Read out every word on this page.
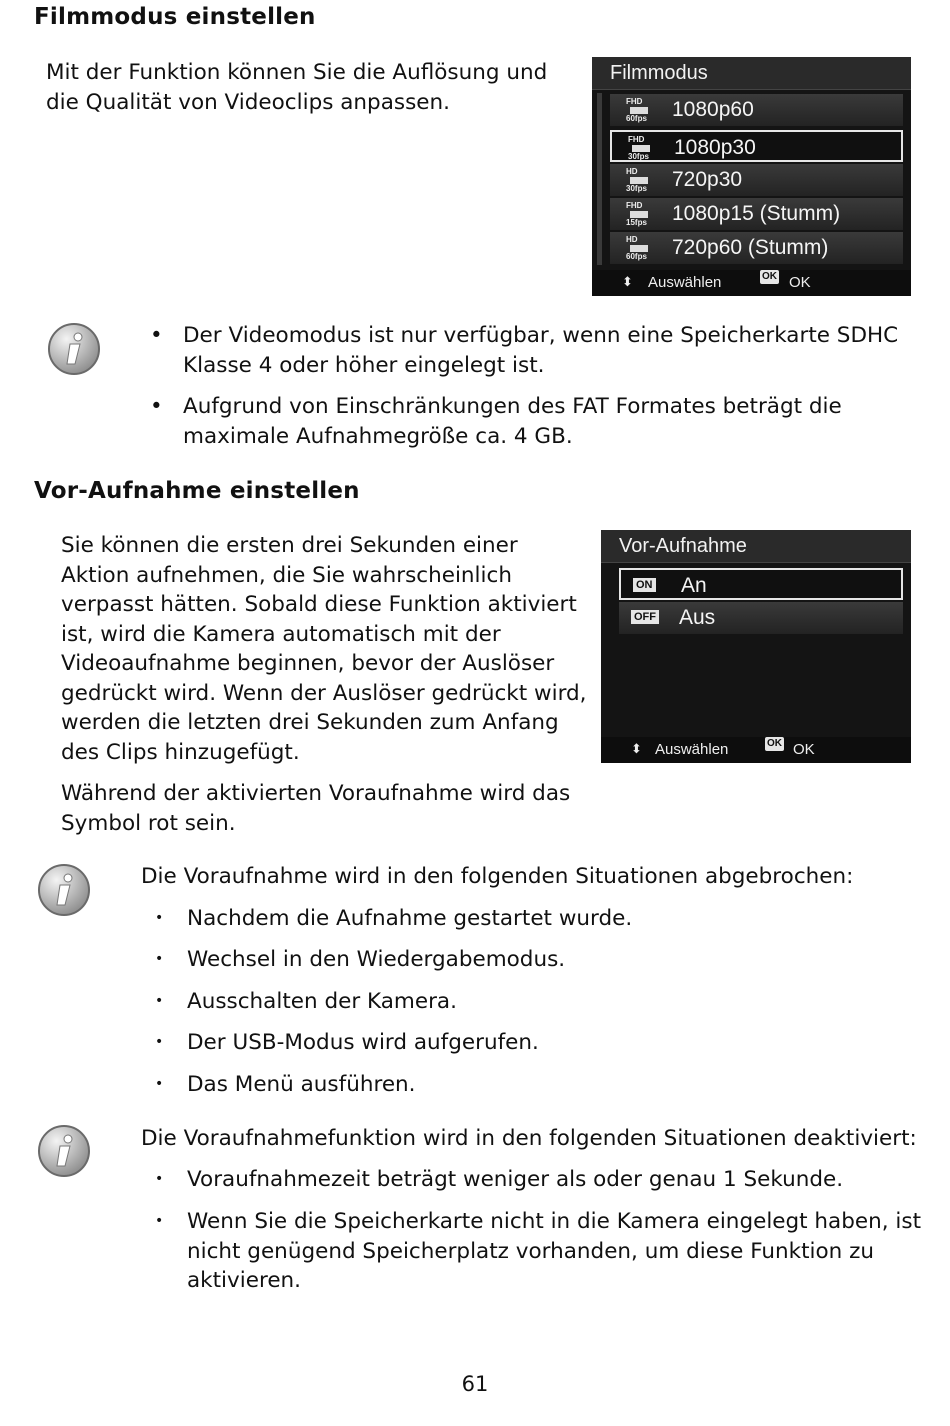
Filmmodus einstellen
Mit der Funktion können Sie die Auflösung und
die Qualität von Videoclips anpassen.
Filmmodus
FHD
60fps	1080p60
FHD
30fps	1080p30
HD
30fps	720p30
FHD
15fps	1080p15 (Stumm)
HD
60fps	720p60 (Stumm)
⬍ Auswählen	OK OK
• Der Videomodus ist nur verfügbar, wenn eine Speicherkarte SDHC
Klasse 4 oder höher eingelegt ist.
• Aufgrund von Einschränkungen des FAT Formates beträgt die
maximale Aufnahmegröße ca. 4 GB.
Vor-Aufnahme einstellen
Sie können die ersten drei Sekunden einer
Aktion aufnehmen, die Sie wahrscheinlich
verpasst hätten. Sobald diese Funktion aktiviert
ist, wird die Kamera automatisch mit der
Videoaufnahme beginnen, bevor der Auslöser
gedrückt wird. Wenn der Auslöser gedrückt wird,
werden die letzten drei Sekunden zum Anfang
des Clips hinzugefügt.
Während der aktivierten Voraufnahme wird das
Symbol rot sein.
Vor-Aufnahme
ON An
OFF Aus
⬍ Auswählen	OK OK
Die Voraufnahme wird in den folgenden Situationen abgebrochen:
• Nachdem die Aufnahme gestartet wurde.
• Wechsel in den Wiedergabemodus.
• Ausschalten der Kamera.
• Der USB-Modus wird aufgerufen.
• Das Menü ausführen.
Die Voraufnahmefunktion wird in den folgenden Situationen deaktiviert:
• Voraufnahmezeit beträgt weniger als oder genau 1 Sekunde.
• Wenn Sie die Speicherkarte nicht in die Kamera eingelegt haben, ist
nicht genügend Speicherplatz vorhanden, um diese Funktion zu
aktivieren.
61
